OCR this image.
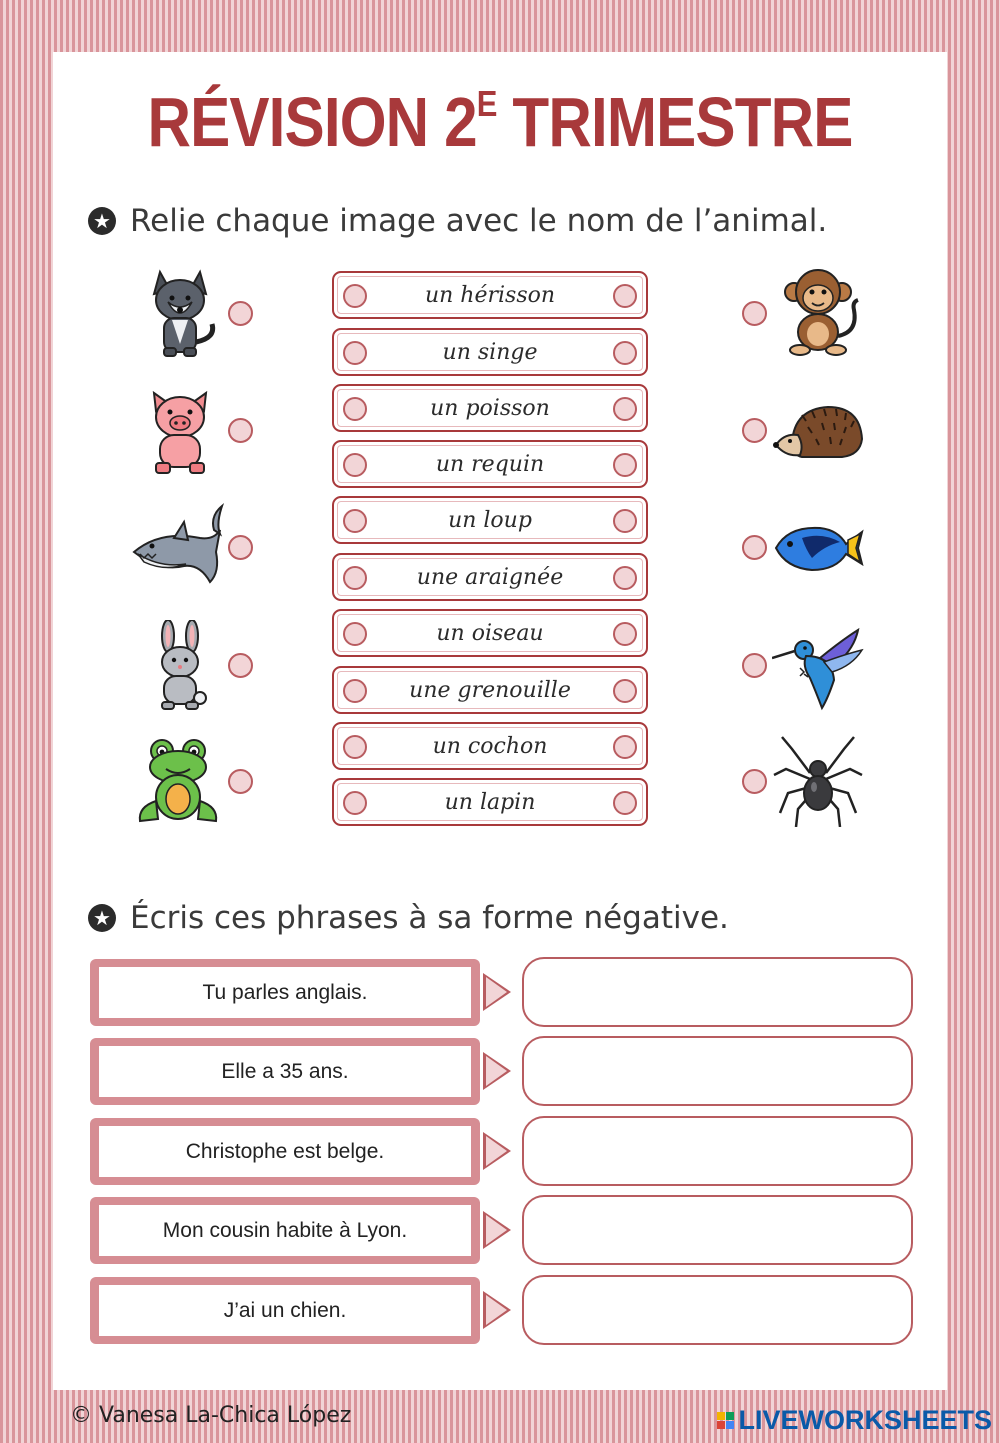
RÉVISION $2^E$ TRIMESTRE
★ Relie chaque image avec le nom de l’animal.
un hérisson
un singe
un poisson
un requin
un loup
une araignée
un oiseau
une grenouille
un cochon
un lapin
★ Écris ces phrases à sa forme négative.
Tu parles anglais.
Elle a 35 ans.
Christophe est belge.
Mon cousin habite à Lyon.
J’ai un chien.
© Vanesa La-Chica López	LIVEWORKSHEETS
